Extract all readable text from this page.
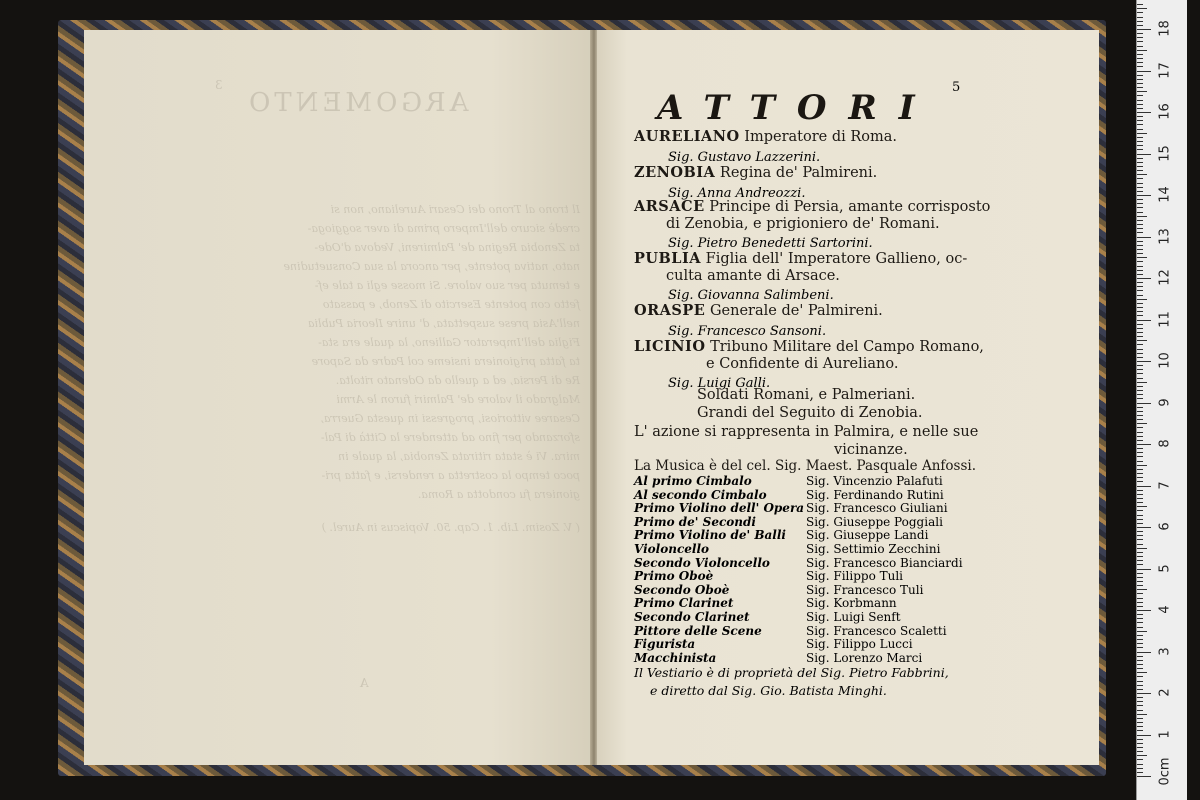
3
ARGOMENTO
Il trono al Trono dei Cesari Aureliano, non si
credè sicuro dell'Impero prima di aver soggioga-
ta Zenobia Regina de' Palmireni, Vedova d'Ode-
nato, nativa potente, per ancora la sua Consuetudine
e temuta per suo valore. Si mosse egli a tale ef-
fetto con potente Esercito di Zenob, e passato
nell'Asia prese suspettata, d' unire Ileoria Publia
Figlia dell'Imperator Gallieno, la quale era sta-
ta fatta prigioniera insieme col Padre da Sapore
Re di Persia, ed a quello da Odenato ritolta.
Malgrado il valore de' Palmiri furon le Armi
Cesaree vittoriosi, progressi in questa Guerra,
sforzando per fino ad attendere la Città di Pal-
mira. Vi è stata ritirata Zenobia, la quale in
poco tempo la costretta a rendersi, e fatta pri-
gioniera fu condotta a Roma.
( V. Zosim. Lib. 1. Cap. 50. Vopiscus in Aurel. )
A
ATTORI
5
AURELIANO Imperatore di Roma.
Sig. Gustavo Lazzerini.
ZENOBIA Regina de' Palmireni.
Sig. Anna Andreozzi.
ARSACE Principe di Persia, amante corrisposto
di Zenobia, e prigioniero de' Romani.
Sig. Pietro Benedetti Sartorini.
PUBLIA Figlia dell' Imperatore Gallieno, oc-
culta amante di Arsace.
Sig. Giovanna Salimbeni.
ORASPE Generale de' Palmireni.
Sig. Francesco Sansoni.
LICINIO Tribuno Militare del Campo Romano,
e Confidente di Aureliano.
Sig. Luigi Galli.
Soldati Romani, e Palmeriani.
Grandi del Seguito di Zenobia.
L' azione si rappresenta in Palmira, e nelle sue
vicinanze.
La Musica è del cel. Sig. Maest. Pasquale Anfossi.
Al primo Cimbalo	Sig. Vincenzio Palafuti
Al secondo Cimbalo	Sig. Ferdinando Rutini
Primo Violino dell' Opera Sig. Francesco Giuliani
Primo de' Secondi	Sig. Giuseppe Poggiali
Primo Violino de' Balli Sig. Giuseppe Landi
Violoncello	Sig. Settimio Zecchini
Secondo Violoncello	Sig. Francesco Bianciardi
Primo Oboè	Sig. Filippo Tuli
Secondo Oboè	Sig. Francesco Tuli
Primo Clarinet	Sig. Korbmann
Secondo Clarinet	Sig. Luigi Senft
Pittore delle Scene	Sig. Francesco Scaletti
Figurista	Sig. Filippo Lucci
Macchinista	Sig. Lorenzo Marci
Il Vestiario è di proprietà del Sig. Pietro Fabbrini,
e diretto dal Sig. Gio. Batista Minghi.
0cm
1
2
3
4
5
6
7
8
9
10
11
12
13
14
15
16
17
18
